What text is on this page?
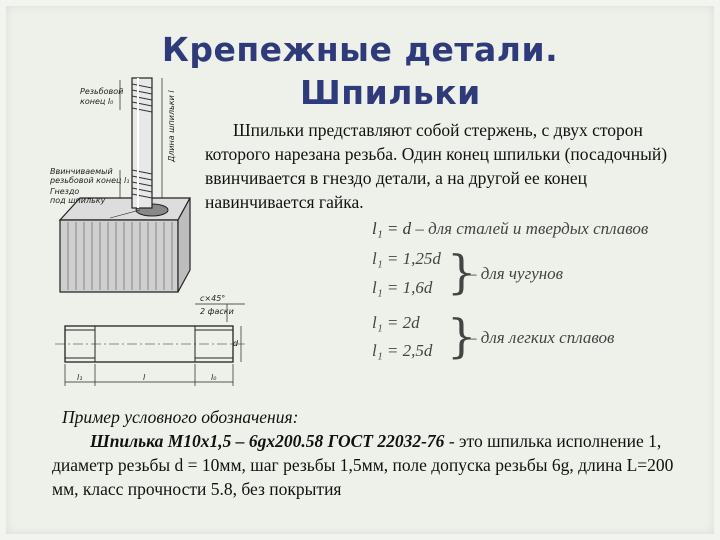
Крепежные детали.
Шпильки
Резьбовой
конец l₀
Ввинчиваемый
резьбовой конец l₁
Гнездо
под шпильку
Длина шпильки l
d
c×45°
2 фаски
l₁	l	l₀
Шпильки представляют собой стержень, с двух сторон которого нарезана резьба. Один конец шпильки (посадочный) ввинчивается в гнездо детали, а на другой ее конец навинчивается гайка.
l₁ = d – для сталей и твердых сплавов
l₁ = 1,25d
l₁ = 1,6d }
– для чугунов
l₁ = 2d
l₁ = 2,5d }
– для легких сплавов
Пример условного обозначения:
Шпилька М10х1,5 – 6gх200.58 ГОСТ 22032-76 - это шпилька исполнение 1, диаметр резьбы d = 10мм, шаг резьбы 1,5мм, поле допуска резьбы 6g, длина L=200 мм, класс прочности 5.8, без покрытия
